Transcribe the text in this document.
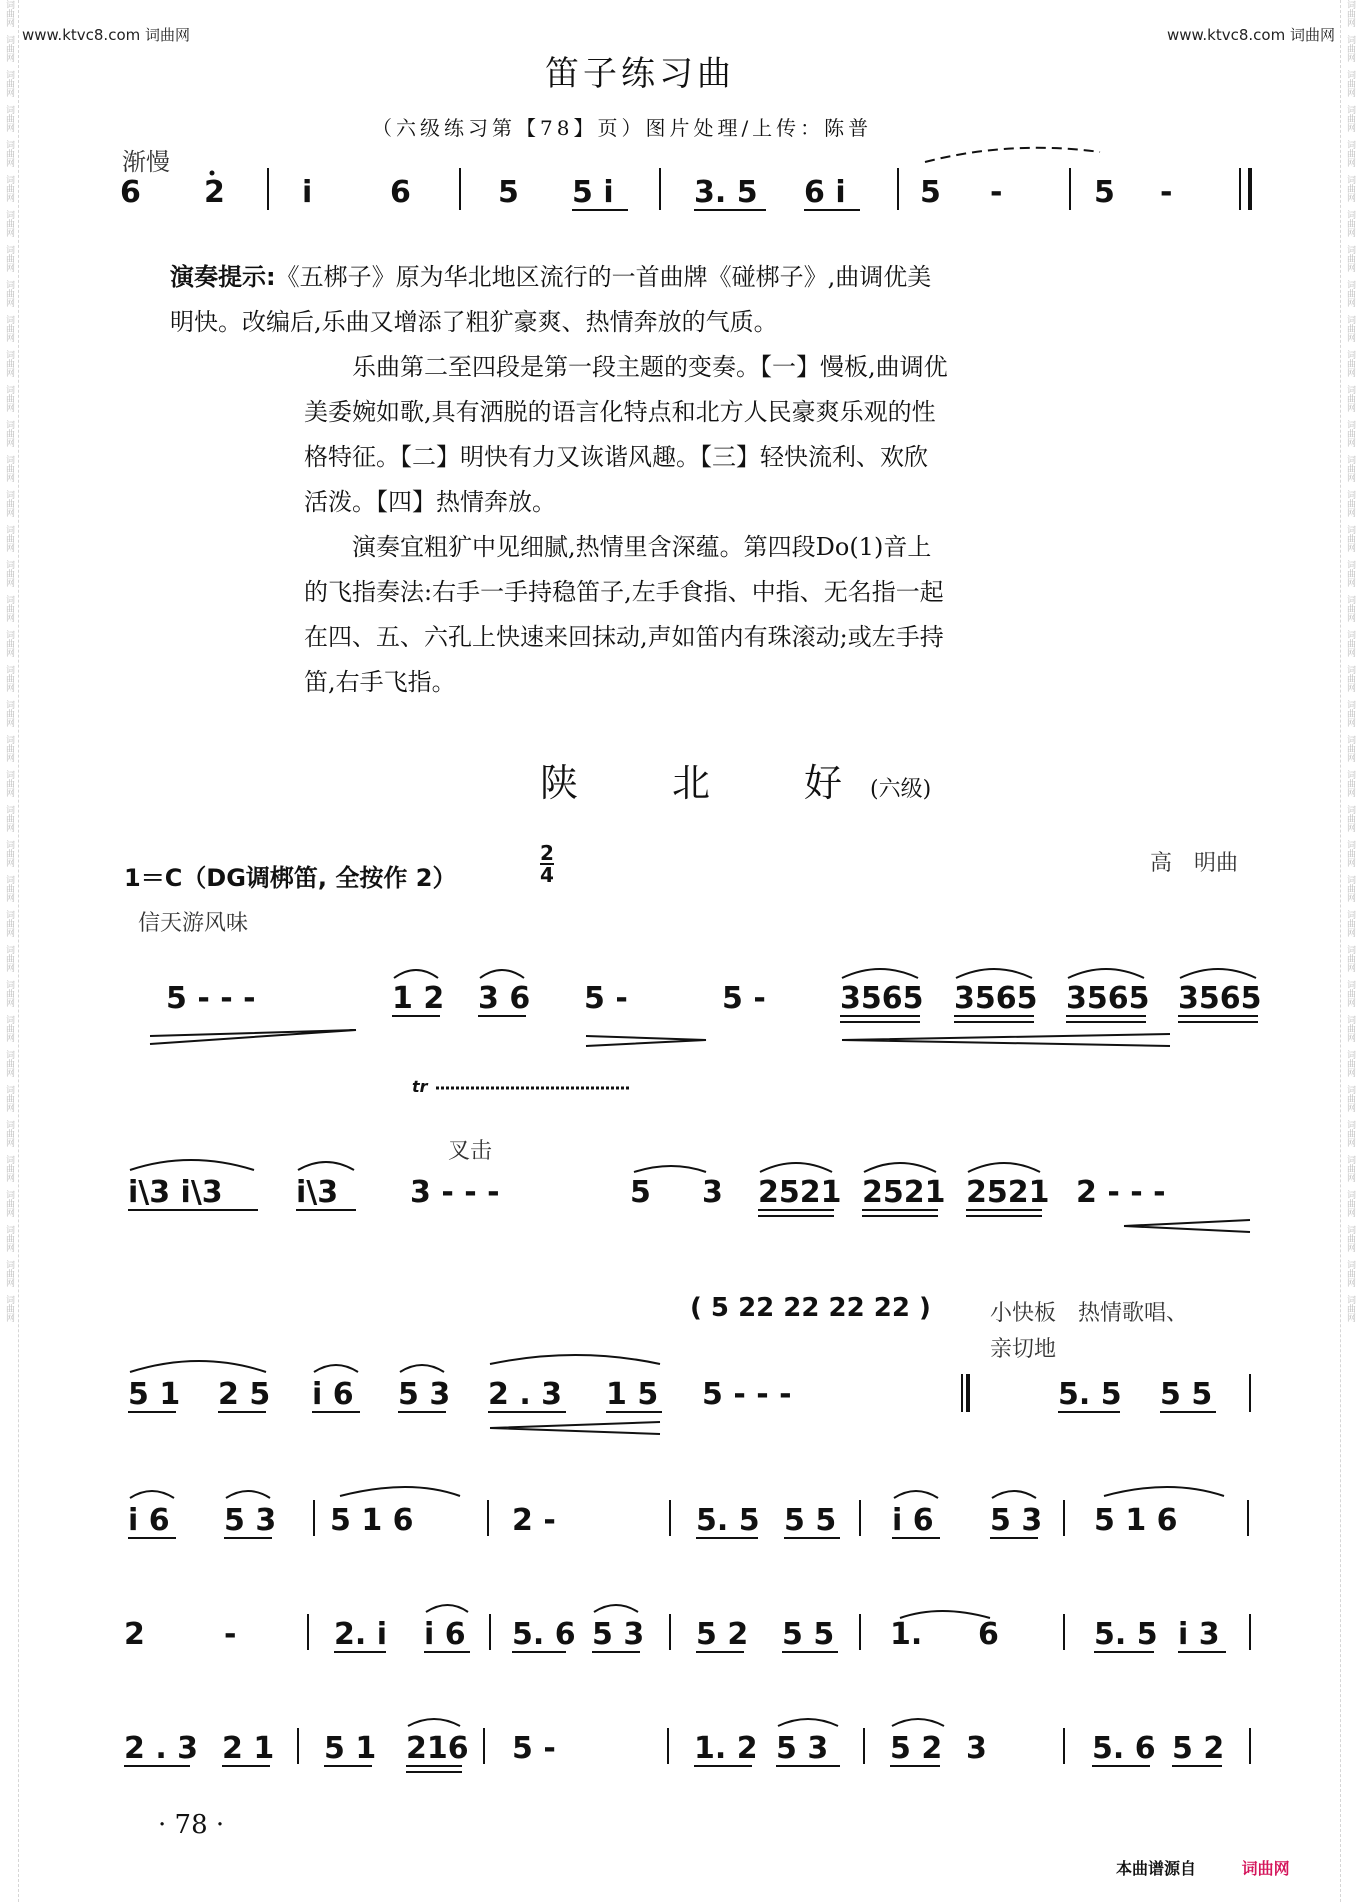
词曲网
词曲网
词曲网
词曲网
词曲网
词曲网
词曲网
词曲网
词曲网
词曲网
词曲网
词曲网
词曲网
词曲网
词曲网
词曲网
词曲网
词曲网
词曲网
词曲网
词曲网
词曲网
词曲网
词曲网
词曲网
词曲网
词曲网
词曲网
词曲网
词曲网
词曲网
词曲网
词曲网
词曲网
词曲网
词曲网
词曲网
词曲网
词曲网
词曲网
词曲网
词曲网
词曲网
词曲网
词曲网
词曲网
词曲网
词曲网
词曲网
词曲网
词曲网
词曲网
词曲网
词曲网
词曲网
词曲网
词曲网
词曲网
词曲网
词曲网
词曲网
词曲网
词曲网
词曲网
词曲网
词曲网
词曲网
词曲网
词曲网
词曲网
词曲网
词曲网
词曲网
词曲网
词曲网
词曲网
www.ktvc8.com 词曲网	www.ktvc8.com 词曲网
笛子练习曲
（六级练习第【78】页）图片处理/上传：陈普
渐慢
6 2	i	6	5 5 i	3. 5 6 i 5 -	5 -

演奏提示:《五梆子》原为华北地区流行的一首曲牌《碰梆子》,曲调优美明快。改编后,乐曲又增添了粗犷豪爽、热情奔放的气质。

乐曲第二至四段是第一段主题的变奏。【一】慢板,曲调优美委婉如歌,具有洒脱的语言化特点和北方人民豪爽乐观的性格特征。【二】明快有力又诙谐风趣。【三】轻快流利、欢欣活泼。【四】热情奔放。

演奏宜粗犷中见细腻,热情里含深蕴。第四段Do(1)音上的飞指奏法:右手一手持稳笛子,左手食指、中指、无名指一起在四、五、六孔上快速来回抹动,声如笛内有珠滚动;或左手持笛,右手飞指。

陕　北　好(六级)
1＝C（DG调梆笛, 全按作 2）
2
4	高　明曲
信天游风味
叉击
小快板　热情歌唱、
亲切地
5 - - -	1 2 3 6 5 -	5 - 3565 3565 3565 3565
tr
i\3 i\3 i\3 3 - - -	5 3 2521 2521 2521 2 - - -
( 5 22 22 22 22 )
5 1 2 5 i 6 5 3 2 . 3 1 5 5 - - -	5. 5 5 5
i 6 5 3 5 1 6	2 -	5. 5 5 5 i 6 5 3 5 1 6
2	-	2. i i 6 5. 6 5 3 5 2 5 5 1. 6	5. 5 i 3
2 . 3 2 1 5 1 216 5 -	1. 2 5 3 5 2 3	5. 6 5 2
· 78 ·
本曲谱源自	词曲网
